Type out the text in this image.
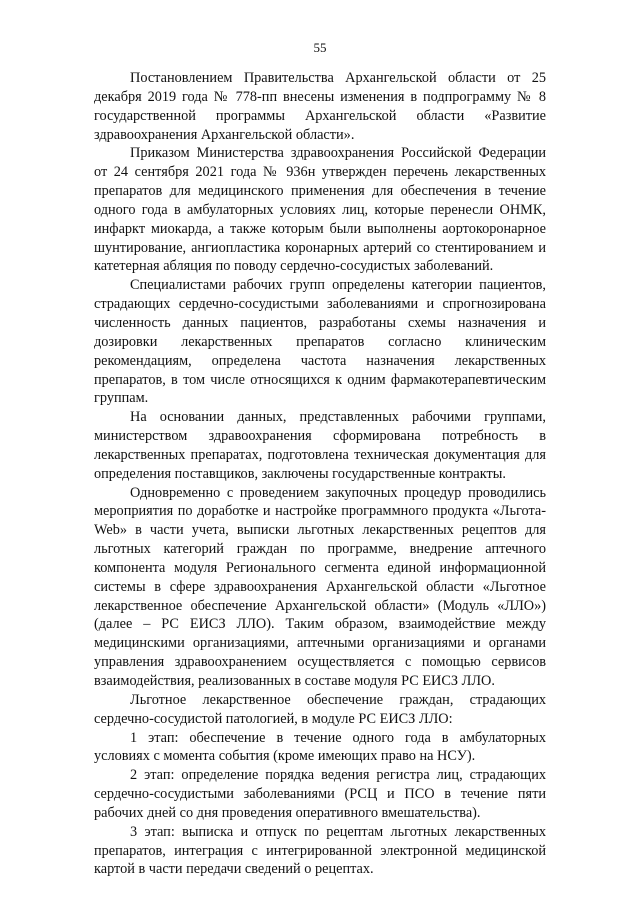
55

Постановлением Правительства Архангельской области от 25 декабря 2019 года № 778-пп внесены изменения в подпрограмму № 8 государственной программы Архангельской области «Развитие здравоохранения Архангельской области».

Приказом Министерства здравоохранения Российской Федерации от 24 сентября 2021 года № 936н утвержден перечень лекарственных препаратов для медицинского применения для обеспечения в течение одного года в амбулаторных условиях лиц, которые перенесли ОНМК, инфаркт миокарда, а также которым были выполнены аортокоронарное шунтирование, ангиопластика коронарных артерий со стентированием и катетерная абляция по поводу сердечно-сосудистых заболеваний.

Специалистами рабочих групп определены категории пациентов, страдающих сердечно-сосудистыми заболеваниями и спрогнозирована численность данных пациентов, разработаны схемы назначения и дозировки лекарственных препаратов согласно клиническим рекомендациям, определена частота назначения лекарственных препаратов, в том числе относящихся к одним фармакотерапевтическим группам.

На основании данных, представленных рабочими группами, министерством здравоохранения сформирована потребность в лекарственных препаратах, подготовлена техническая документация для определения поставщиков, заключены государственные контракты.

Одновременно с проведением закупочных процедур проводились мероприятия по доработке и настройке программного продукта «Льгота-Web» в части учета, выписки льготных лекарственных рецептов для льготных категорий граждан по программе, внедрение аптечного компонента модуля Регионального сегмента единой информационной системы в сфере здравоохранения Архангельской области «Льготное лекарственное обеспечение Архангельской области» (Модуль «ЛЛО») (далее – РС ЕИСЗ ЛЛО). Таким образом, взаимодействие между медицинскими организациями, аптечными организациями и органами управления здравоохранением осуществляется с помощью сервисов взаимодействия, реализованных в составе модуля РС ЕИСЗ ЛЛО.

Льготное лекарственное обеспечение граждан, страдающих сердечно-сосудистой патологией, в модуле РС ЕИСЗ ЛЛО:

1 этап: обеспечение в течение одного года в амбулаторных условиях с момента события (кроме имеющих право на НСУ).

2 этап: определение порядка ведения регистра лиц, страдающих сердечно-сосудистыми заболеваниями (РСЦ и ПСО в течение пяти рабочих дней со дня проведения оперативного вмешательства).

3 этап: выписка и отпуск по рецептам льготных лекарственных препаратов, интеграция с интегрированной электронной медицинской картой в части передачи сведений о рецептах.
